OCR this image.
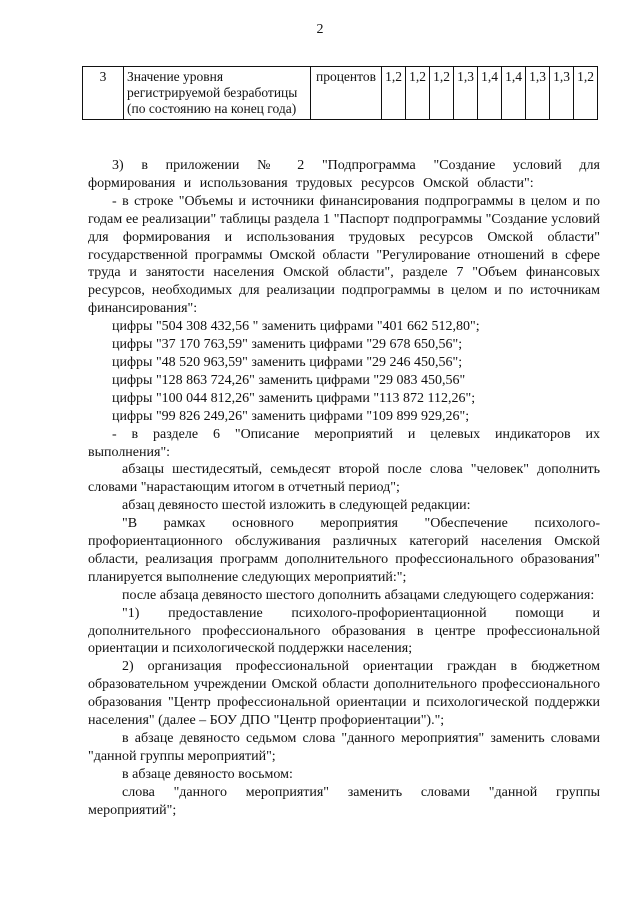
2
3	Значение уровня регистрируемой безработицы (по состоянию на конец года)	процентов	1,2	1,2	1,2	1,3	1,4	1,4	1,3	1,3	1,2

3) в приложении № 2 "Подпрограмма "Создание условий для формирования и использования трудовых ресурсов Омской области":

- в строке "Объемы и источники финансирования подпрограммы в целом и по годам ее реализации" таблицы раздела 1 "Паспорт подпрограммы "Создание условий для формирования и использования трудовых ресурсов Омской области" государственной программы Омской области "Регулирование отношений в сфере труда и занятости населения Омской области", разделе 7 "Объем финансовых ресурсов, необходимых для реализации подпрограммы в целом и по источникам финансирования":

цифры "504 308 432,56 " заменить цифрами "401 662 512,80";

цифры "37 170 763,59" заменить цифрами "29 678 650,56";

цифры "48 520 963,59" заменить цифрами "29 246 450,56";

цифры "128 863 724,26" заменить цифрами "29 083 450,56"

цифры "100 044 812,26" заменить цифрами "113 872 112,26";

цифры "99 826 249,26" заменить цифрами "109 899 929,26";

- в разделе 6 "Описание мероприятий и целевых индикаторов их выполнения":

абзацы шестидесятый, семьдесят второй после слова "человек" дополнить словами "нарастающим итогом в отчетный период";

абзац девяносто шестой изложить в следующей редакции:

"В рамках основного мероприятия "Обеспечение психолого-профориентационного обслуживания различных категорий населения Омской области, реализация программ дополнительного профессионального образования" планируется выполнение следующих мероприятий:";

после абзаца девяносто шестого дополнить абзацами следующего содержания:

"1) предоставление психолого-профориентационной помощи и дополнительного профессионального образования в центре профессиональной ориентации и психологической поддержки населения;

2) организация профессиональной ориентации граждан в бюджетном образовательном учреждении Омской области дополнительного профессионального образования "Центр профессиональной ориентации и психологической поддержки населения" (далее – БОУ ДПО "Центр профориентации").";

в абзаце девяносто седьмом слова "данного мероприятия" заменить словами "данной группы мероприятий";

в абзаце девяносто восьмом:

слова "данного мероприятия" заменить словами "данной группы мероприятий";
